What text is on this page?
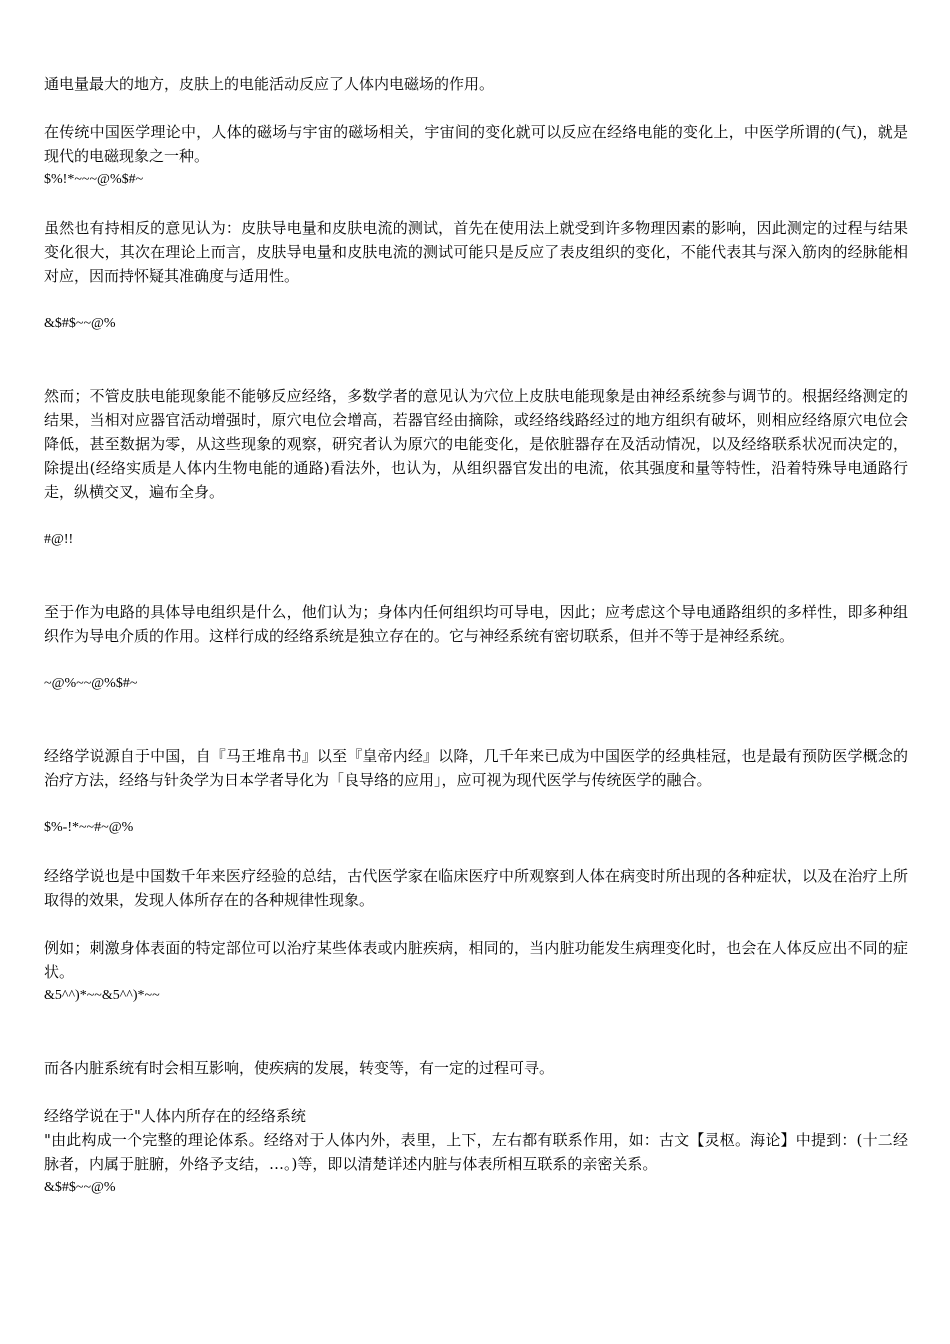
通电量最大的地方，皮肤上的电能活动反应了人体内电磁场的作用。

在传统中国医学理论中，人体的磁场与宇宙的磁场相关，宇宙间的变化就可以反应在经络电能的变化上，中医学所谓的(气)，就是现代的电磁现象之一种。

$%!*~~~@%$#~

虽然也有持相反的意见认为：皮肤导电量和皮肤电流的测试，首先在使用法上就受到许多物理因素的影响，因此测定的过程与结果变化很大，其次在理论上而言，皮肤导电量和皮肤电流的测试可能只是反应了表皮组织的变化，不能代表其与深入筋肉的经脉能相对应，因而持怀疑其准确度与适用性。

&$#$~~@%

然而；不管皮肤电能现象能不能够反应经络，多数学者的意见认为穴位上皮肤电能现象是由神经系统参与调节的。根据经络测定的结果，当相对应器官活动增强时，原穴电位会增高，若器官经由摘除，或经络线路经过的地方组织有破坏，则相应经络原穴电位会降低，甚至数据为零，从这些现象的观察，研究者认为原穴的电能变化，是依脏器存在及活动情况，以及经络联系状况而决定的，除提出(经络实质是人体内生物电能的通路)看法外，也认为，从组织器官发出的电流，依其强度和量等特性，沿着特殊导电通路行走，纵横交叉，遍布全身。

#@!!

至于作为电路的具体导电组织是什么，他们认为；身体内任何组织均可导电，因此；应考虑这个导电通路组织的多样性，即多种组织作为导电介质的作用。这样行成的经络系统是独立存在的。它与神经系统有密切联系，但并不等于是神经系统。

~@%~~@%$#~

经络学说源自于中国，自『马王堆帛书』以至『皇帝内经』以降，几千年来已成为中国医学的经典桂冠，也是最有预防医学概念的治疗方法，经络与针灸学为日本学者导化为「良导络的应用」，应可视为现代医学与传统医学的融合。

$%-!*~~#~@%

经络学说也是中国数千年来医疗经验的总结，古代医学家在临床医疗中所观察到人体在病变时所出现的各种症状，以及在治疗上所取得的效果，发现人体所存在的各种规律性现象。

例如；刺激身体表面的特定部位可以治疗某些体表或内脏疾病，相同的，当内脏功能发生病理变化时，也会在人体反应出不同的症状。

&5^^)*~~&5^^)*~~

而各内脏系统有时会相互影响，使疾病的发展，转变等，有一定的过程可寻。

经络学说在于"人体内所存在的经络系统

"由此构成一个完整的理论体系。经络对于人体内外，表里，上下，左右都有联系作用，如：古文【灵枢。海论】中提到：(十二经脉者，内属于脏腑，外络予支结，…。)等，即以清楚详述内脏与体表所相互联系的亲密关系。

&$#$~~@%
